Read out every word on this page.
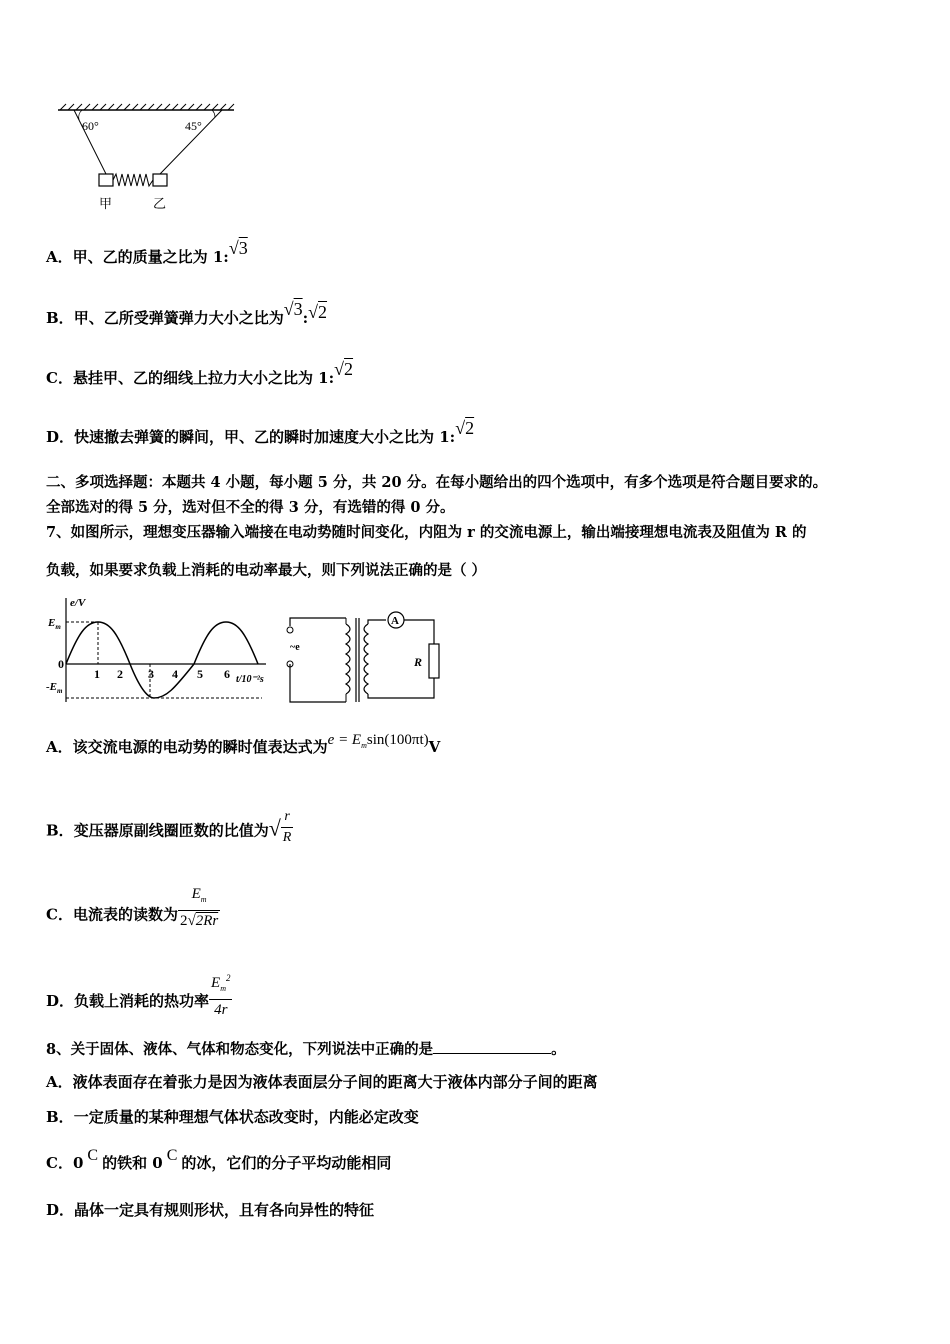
60°	45°
甲	乙
A．甲、乙的质量之比为 1:√3
B．甲、乙所受弹簧弹力大小之比为√3:√2
C．悬挂甲、乙的细线上拉力大小之比为 1:√2
D．快速撤去弹簧的瞬间，甲、乙的瞬时加速度大小之比为 1:√2
二、多项选择题：本题共 4 小题，每小题 5 分，共 20 分。在每小题给出的四个选项中，有多个选项是符合题目要求的。
全部选对的得 5 分，选对但不全的得 3 分，有选错的得 0 分。
7、如图所示，理想变压器输入端接在电动势随时间变化，内阻为 r 的交流电源上，输出端接理想电流表及阻值为 R 的
负载，如果要求负载上消耗的电动率最大，则下列说法正确的是（ ）
e/V
$E_m$
$-E_m$
0
1 2 3 4 5 6 t/10⁻²s
~e
A
R
A．该交流电源的电动势的瞬时值表达式为$e = E_m\sin(100\pi t)V$
B．变压器原副线圈匝数的比值为√ $\frac{r}{R}$
C．电流表的读数为 $\frac{E_m}{2√2Rr}$
D．负载上消耗的热功率 $\frac{E_m^2}{4r}$
8、关于固体、液体、气体和物态变化，下列说法中正确的是	。
A．液体表面存在着张力是因为液体表面层分子间的距离大于液体内部分子间的距离
B．一定质量的某种理想气体状态改变时，内能必定改变
C．0 C 的铁和 0 C 的冰，它们的分子平均动能相同
D．晶体一定具有规则形状，且有各向异性的特征
